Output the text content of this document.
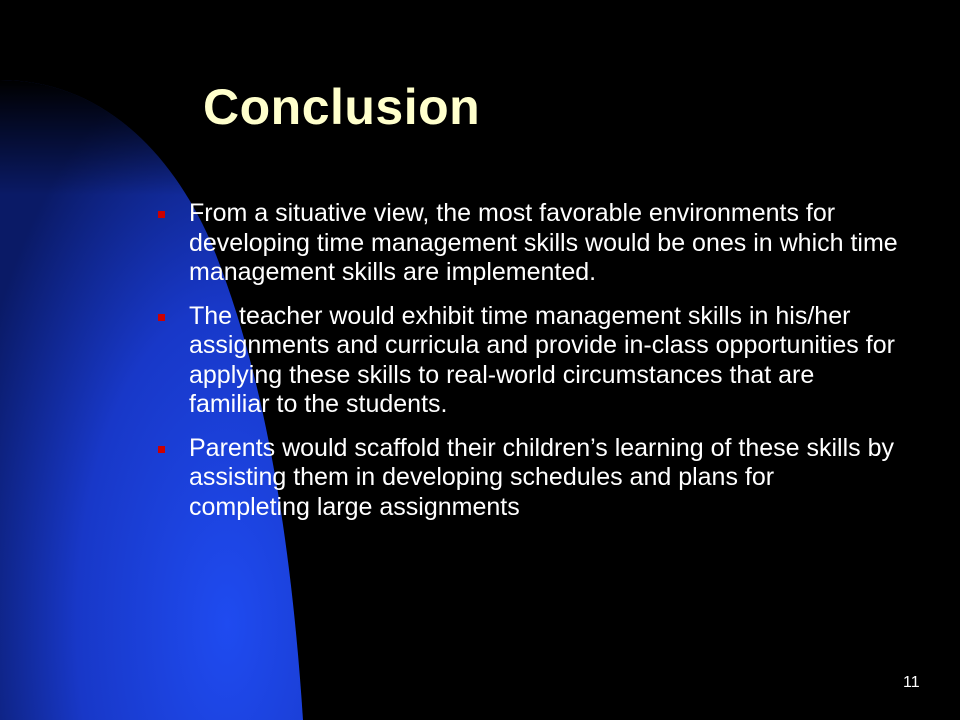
Conclusion
From a situative view, the most favorable environments for developing time management skills would be ones in which time management skills are implemented.
The teacher would exhibit time management skills in his/her assignments and curricula and provide in-class opportunities for applying these skills to real-world circumstances that are familiar to the students.
Parents would scaffold their children’s learning of these skills by assisting them in developing schedules and plans for completing large assignments
11
